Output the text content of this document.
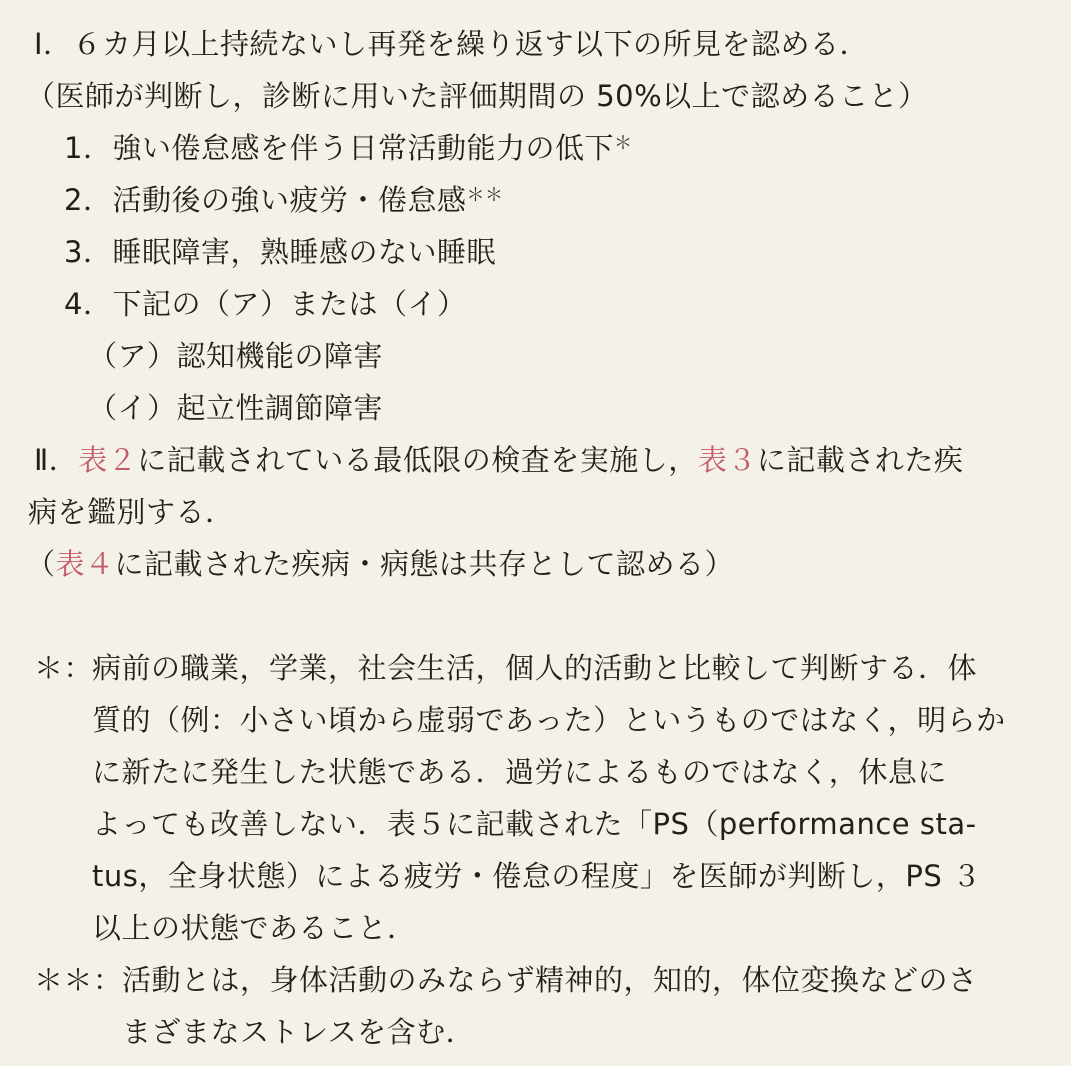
Ⅰ．６カ月以上持続ないし再発を繰り返す以下の所見を認める．
（医師が判断し，診断に用いた評価期間の 50%以上で認めること）
1．強い倦怠感を伴う日常活動能力の低下＊
2．活動後の強い疲労・倦怠感＊＊
3．睡眠障害，熟睡感のない睡眠
4．下記の（ア）または（イ）
（ア）認知機能の障害
（イ）起立性調節障害
Ⅱ．表２に記載されている最低限の検査を実施し，表３に記載された疾
病を鑑別する．
（表４に記載された疾病・病態は共存として認める）
＊：
病前の職業，学業，社会生活，個人的活動と比較して判断する．体
質的（例：小さい頃から虚弱であった）というものではなく，明らか
に新たに発生した状態である．過労によるものではなく，休息に
よっても改善しない．表５に記載された「PS（performance sta-
tus，全身状態）による疲労・倦怠の程度」を医師が判断し，PS ３
以上の状態であること．
＊＊： 活動とは，身体活動のみならず精神的，知的，体位変換などのさ
まざまなストレスを含む．
